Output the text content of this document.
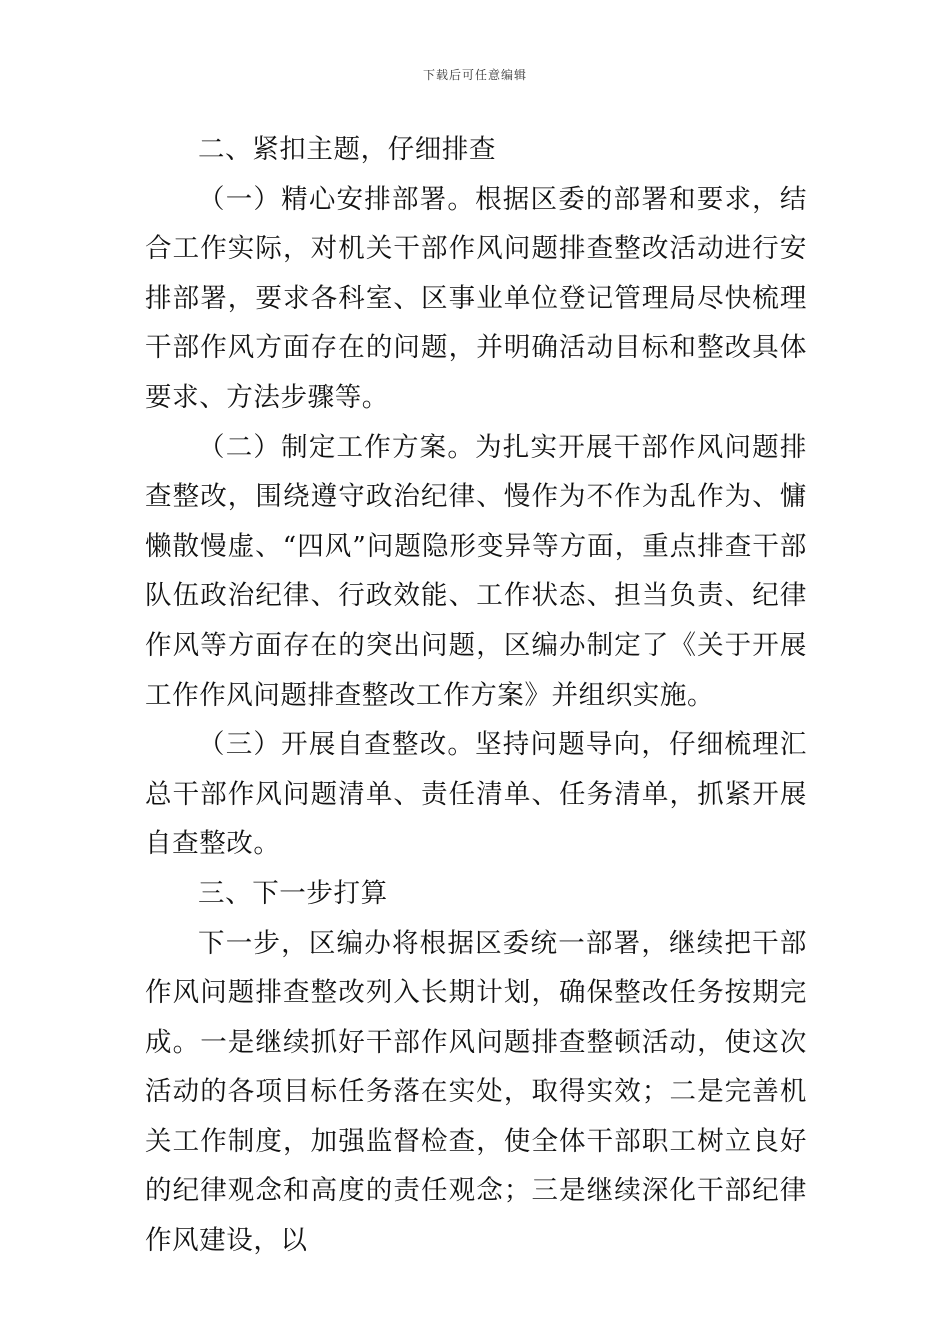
下载后可任意编辑

二、紧扣主题，仔细排查

（一）精心安排部署。根据区委的部署和要求，结合工作实际，对机关干部作风问题排查整改活动进行安排部署，要求各科室、区事业单位登记管理局尽快梳理干部作风方面存在的问题，并明确活动目标和整改具体要求、方法步骤等。

（二）制定工作方案。为扎实开展干部作风问题排查整改，围绕遵守政治纪律、慢作为不作为乱作为、慵懒散慢虚、“四风”问题隐形变异等方面，重点排查干部队伍政治纪律、行政效能、工作状态、担当负责、纪律作风等方面存在的突出问题，区编办制定了《关于开展工作作风问题排查整改工作方案》并组织实施。

（三）开展自查整改。坚持问题导向，仔细梳理汇总干部作风问题清单、责任清单、任务清单，抓紧开展自查整改。

三、下一步打算

下一步，区编办将根据区委统一部署，继续把干部作风问题排查整改列入长期计划，确保整改任务按期完成。一是继续抓好干部作风问题排查整顿活动，使这次活动的各项目标任务落在实处，取得实效；二是完善机关工作制度，加强监督检查，使全体干部职工树立良好的纪律观念和高度的责任观念；三是继续深化干部纪律作风建设，以
